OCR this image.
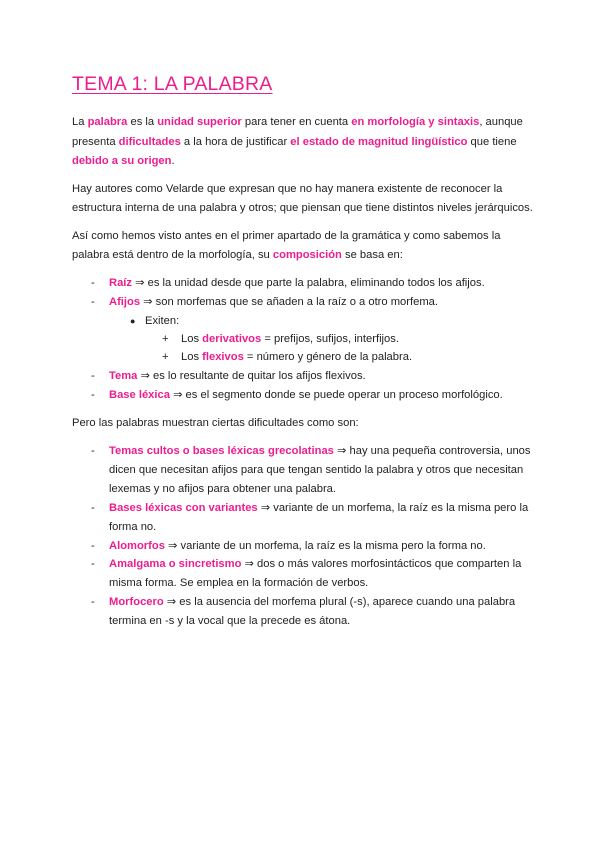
TEMA 1: LA PALABRA
La palabra es la unidad superior para tener en cuenta en morfología y sintaxis, aunque
presenta dificultades a la hora de justificar el estado de magnitud lingüístico que tiene
debido a su origen.
Hay autores como Velarde que expresan que no hay manera existente de reconocer la
estructura interna de una palabra y otros; que piensan que tiene distintos niveles jerárquicos.
Así como hemos visto antes en el primer apartado de la gramática y como sabemos la
palabra está dentro de la morfología, su composición se basa en:
- Raíz ⇒ es la unidad desde que parte la palabra, eliminando todos los afijos.
- Afijos ⇒ son morfemas que se añaden a la raíz o a otro morfema.
● Exiten:
+ Los derivativos = prefijos, sufijos, interfijos.
+ Los flexivos = número y género de la palabra.
- Tema ⇒ es lo resultante de quitar los afijos flexivos.
- Base léxica ⇒ es el segmento donde se puede operar un proceso morfológico.
Pero las palabras muestran ciertas dificultades como son:
- Temas cultos o bases léxicas grecolatinas ⇒ hay una pequeña controversia, unos
dicen que necesitan afijos para que tengan sentido la palabra y otros que necesitan
lexemas y no afijos para obtener una palabra.
- Bases léxicas con variantes ⇒ variante de un morfema, la raíz es la misma pero la
forma no.
- Alomorfos ⇒ variante de un morfema, la raíz es la misma pero la forma no.
- Amalgama o sincretismo ⇒ dos o más valores morfosintácticos que comparten la
misma forma. Se emplea en la formación de verbos.
- Morfocero ⇒ es la ausencia del morfema plural (-s), aparece cuando una palabra
termina en -s y la vocal que la precede es átona.
